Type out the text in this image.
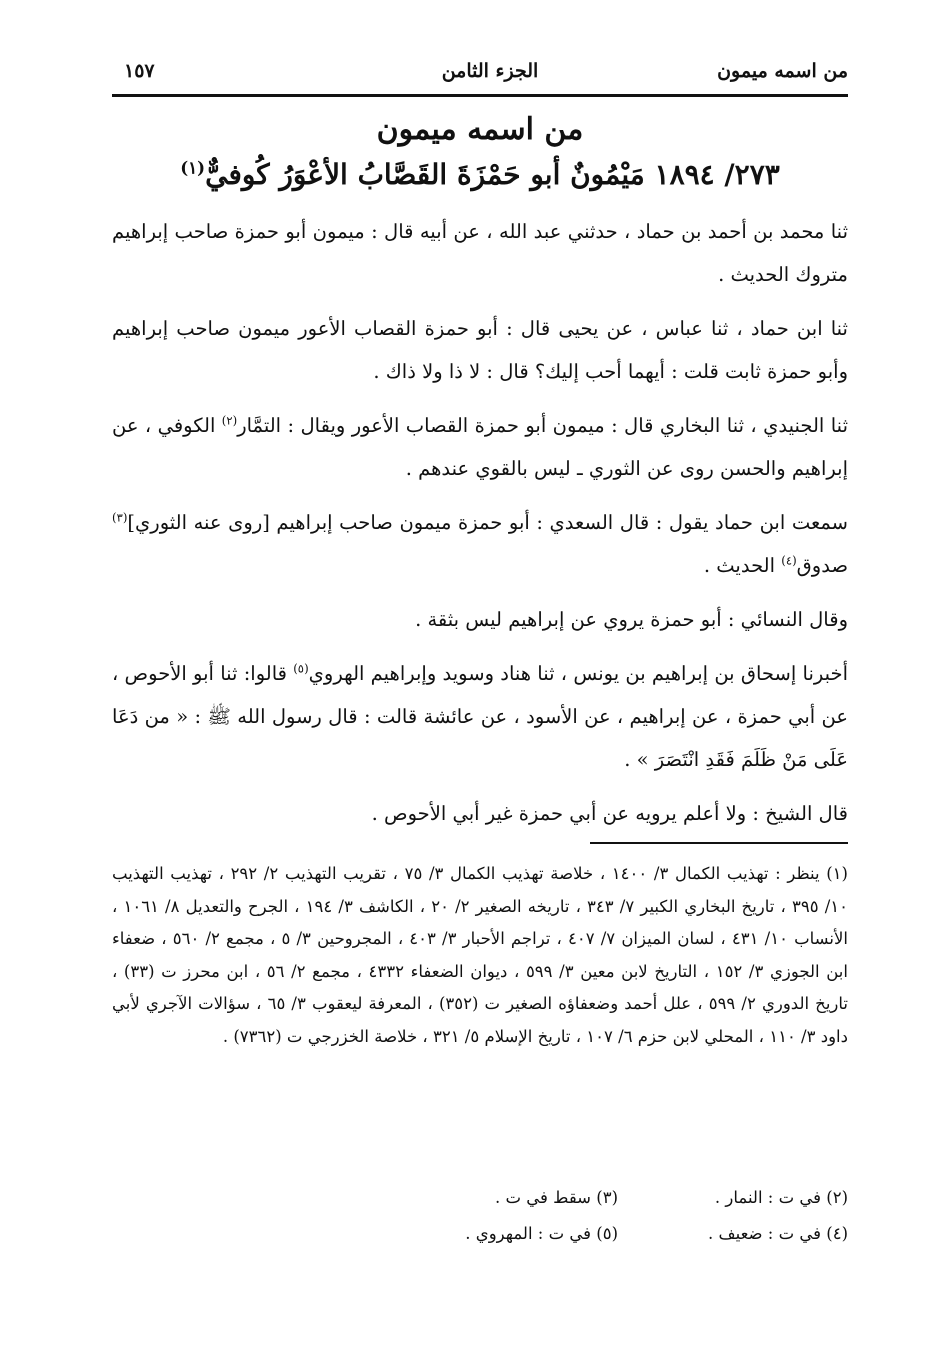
من اسمه ميمون
الجزء الثامن
١٥٧
من اسمه ميمون
٢٧٣/ ١٨٩٤ مَيْمُونٌ أبو حَمْزَةَ القَصَّابُ الأعْوَرُ كُوفيٌّ$^{(١)}$

ثنا محمد بن أحمد بن حماد ، حدثني عبد الله ، عن أبيه قال : ميمون أبو حمزة صاحب إبراهيم متروك الحديث .

ثنا ابن حماد ، ثنا عباس ، عن يحيى قال : أبو حمزة القصاب الأعور ميمون صاحب إبراهيم وأبو حمزة ثابت قلت : أيهما أحب إليك؟ قال : لا ذا ولا ذاك .

ثنا الجنيدي ، ثنا البخاري قال : ميمون أبو حمزة القصاب الأعور ويقال : التمَّار$^{(٢)}$ الكوفي ، عن إبراهيم والحسن روى عن الثوري ـ ليس بالقوي عندهم .

سمعت ابن حماد يقول : قال السعدي : أبو حمزة ميمون صاحب إبراهيم [روى عنه الثوري]$^{(٣)}$ صدوق$^{(٤)}$ الحديث .

وقال النسائي : أبو حمزة يروي عن إبراهيم ليس بثقة .

أخبرنا إسحاق بن إبراهيم بن يونس ، ثنا هناد وسويد وإبراهيم الهروي$^{(٥)}$ قالوا: ثنا أبو الأحوص ، عن أبي حمزة ، عن إبراهيم ، عن الأسود ، عن عائشة قالت : قال رسول الله ﷺ : « من دَعَا عَلَى مَنْ ظَلَمَ فَقَدِ انْتَصَرَ » .

قال الشيخ : ولا أعلم يرويه عن أبي حمزة غير أبي الأحوص .

(١) ينظر : تهذيب الكمال ٣/ ١٤٠٠ ، خلاصة تهذيب الكمال ٣/ ٧٥ ، تقريب التهذيب ٢/ ٢٩٢ ، تهذيب التهذيب ١٠/ ٣٩٥ ، تاريخ البخاري الكبير ٧/ ٣٤٣ ، تاريخه الصغير ٢/ ٢٠ ، الكاشف ٣/ ١٩٤ ، الجرح والتعديل ٨/ ١٠٦١ ، الأنساب ١٠/ ٤٣١ ، لسان الميزان ٧/ ٤٠٧ ، تراجم الأحبار ٣/ ٤٠٣ ، المجروحين ٣/ ٥ ، مجمع ٢/ ٥٦٠ ، ضعفاء ابن الجوزي ٣/ ١٥٢ ، التاريخ لابن معين ٣/ ٥٩٩ ، ديوان الضعفاء ٤٣٣٢ ، مجمع ٢/ ٥٦ ، ابن محرز ت (٣٣) ، تاريخ الدوري ٢/ ٥٩٩ ، علل أحمد وضعفاؤه الصغير ت (٣٥٢) ، المعرفة ليعقوب ٣/ ٦٥ ، سؤالات الآجري لأبي داود ٣/ ١١٠ ، المحلي لابن حزم ٦/ ١٠٧ ، تاريخ الإسلام ٥/ ٣٢١ ، خلاصة الخزرجي ت (٧٣٦٢) .

(٢) في ت : النمار .
(٣) سقط في ت .
(٤) في ت : ضعيف .
(٥) في ت : المهروي .
